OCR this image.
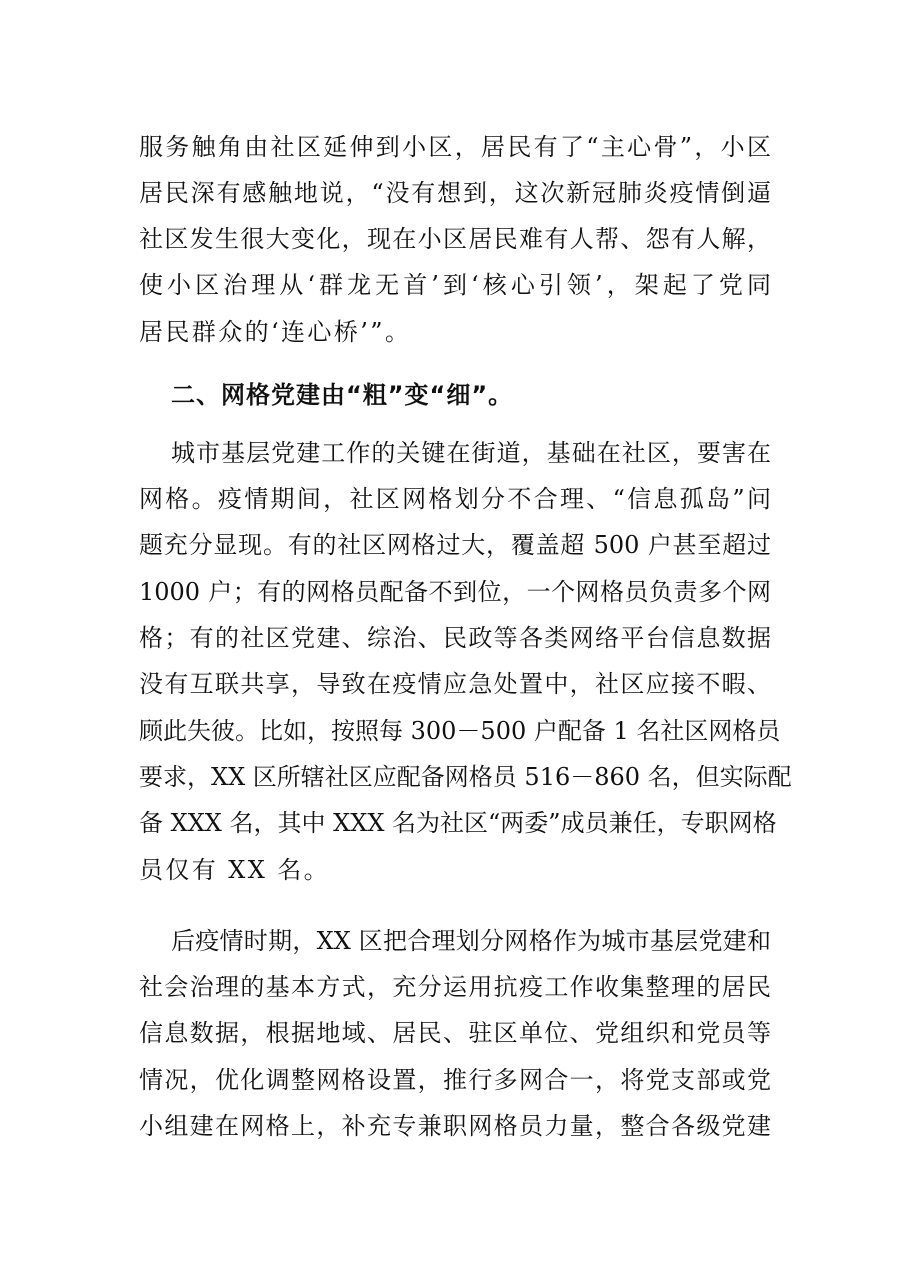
服务触角由社区延伸到小区，居民有了“主心骨”，小区
居民深有感触地说，“没有想到，这次新冠肺炎疫情倒逼
社区发生很大变化，现在小区居民难有人帮、怨有人解，
使小区治理从‘群龙无首’到‘核心引领’，架起了党同
居民群众的‘连心桥’”。
二、网格党建由“粗”变“细”。
城市基层党建工作的关键在街道，基础在社区，要害在
网格。疫情期间，社区网格划分不合理、“信息孤岛”问
题充分显现。有的社区网格过大，覆盖超 500 户甚至超过
1000 户；有的网格员配备不到位，一个网格员负责多个网
格；有的社区党建、综治、民政等各类网络平台信息数据
没有互联共享，导致在疫情应急处置中，社区应接不暇、
顾此失彼。比如，按照每 300－500 户配备 1 名社区网格员
要求，XX 区所辖社区应配备网格员 516－860 名，但实际配
备 XXX 名，其中 XXX 名为社区“两委”成员兼任，专职网格
员仅有 XX 名。
后疫情时期，XX 区把合理划分网格作为城市基层党建和
社会治理的基本方式，充分运用抗疫工作收集整理的居民
信息数据，根据地域、居民、驻区单位、党组织和党员等
情况，优化调整网格设置，推行多网合一，将党支部或党
小组建在网格上，补充专兼职网格员力量，整合各级党建
